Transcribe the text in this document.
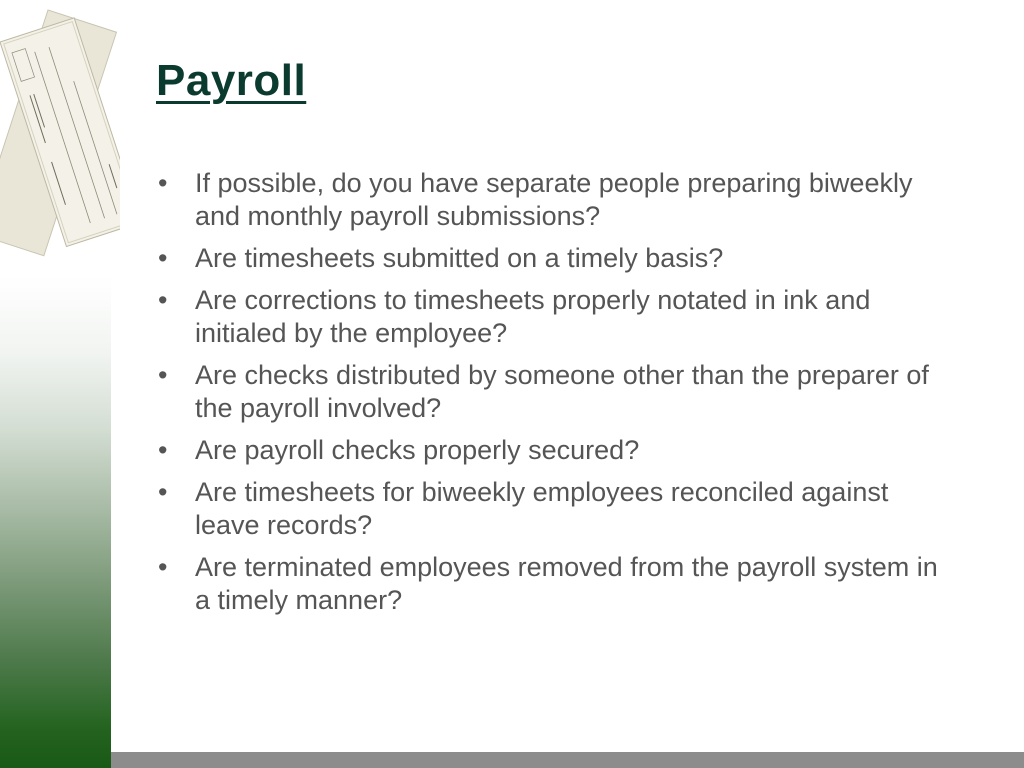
Payroll
• If possible, do you have separate people preparing biweekly and monthly payroll submissions?
• Are timesheets submitted on a timely basis?
• Are corrections to timesheets properly notated in ink and initialed by the employee?
• Are checks distributed by someone other than the preparer of the payroll involved?
• Are payroll checks properly secured?
• Are timesheets for biweekly employees reconciled against leave records?
• Are terminated employees removed from the payroll system in a timely manner?
